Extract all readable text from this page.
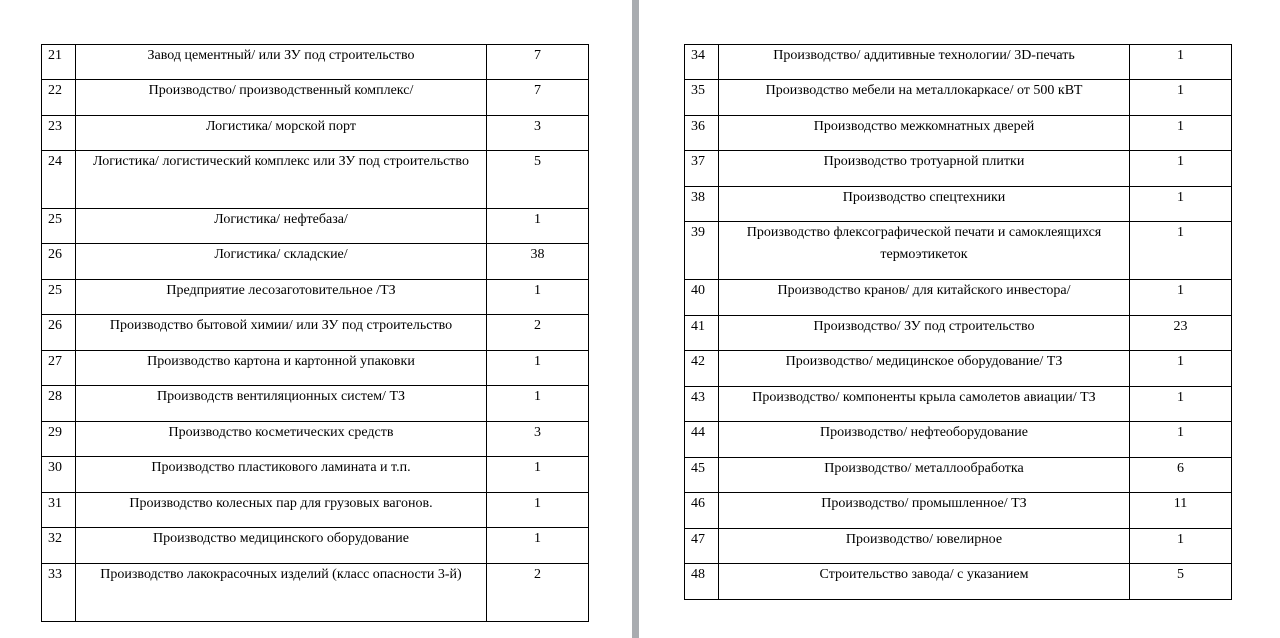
21	Завод цементный/ или ЗУ под строительство	7
22	Производство/ производственный комплекс/	7
23	Логистика/ морской порт	3
24	Логистика/ логистический комплекс или ЗУ под строительство	5
25	Логистика/ нефтебаза/	1
26	Логистика/ складские/	38
25	Предприятие лесозаготовительное /ТЗ	1
26	Производство бытовой химии/ или ЗУ под строительство	2
27	Производство картона и картонной упаковки	1
28	Производств вентиляционных систем/ ТЗ	1
29	Производство косметических средств	3
30	Производство пластикового ламината и т.п.	1
31	Производство колесных пар для грузовых вагонов.	1
32	Производство медицинского оборудование	1
33	Производство лакокрасочных изделий (класс опасности 3-й)	2
34	Производство/ аддитивные технологии/ 3D-печать	1
35	Производство мебели на металлокаркасе/ от 500 кВТ	1
36	Производство межкомнатных дверей	1
37	Производство тротуарной плитки	1
38	Производство спецтехники	1
39	Производство флексографической печати и самоклеящихся термоэтикеток	1
40	Производство кранов/ для китайского инвестора/	1
41	Производство/ ЗУ под строительство	23
42	Производство/ медицинское оборудование/ ТЗ	1
43	Производство/ компоненты крыла самолетов авиации/ ТЗ	1
44	Производство/ нефтеоборудование	1
45	Производство/ металлообработка	6
46	Производство/ промышленное/ ТЗ	11
47	Производство/ ювелирное	1
48	Строительство завода/ с указанием	5
